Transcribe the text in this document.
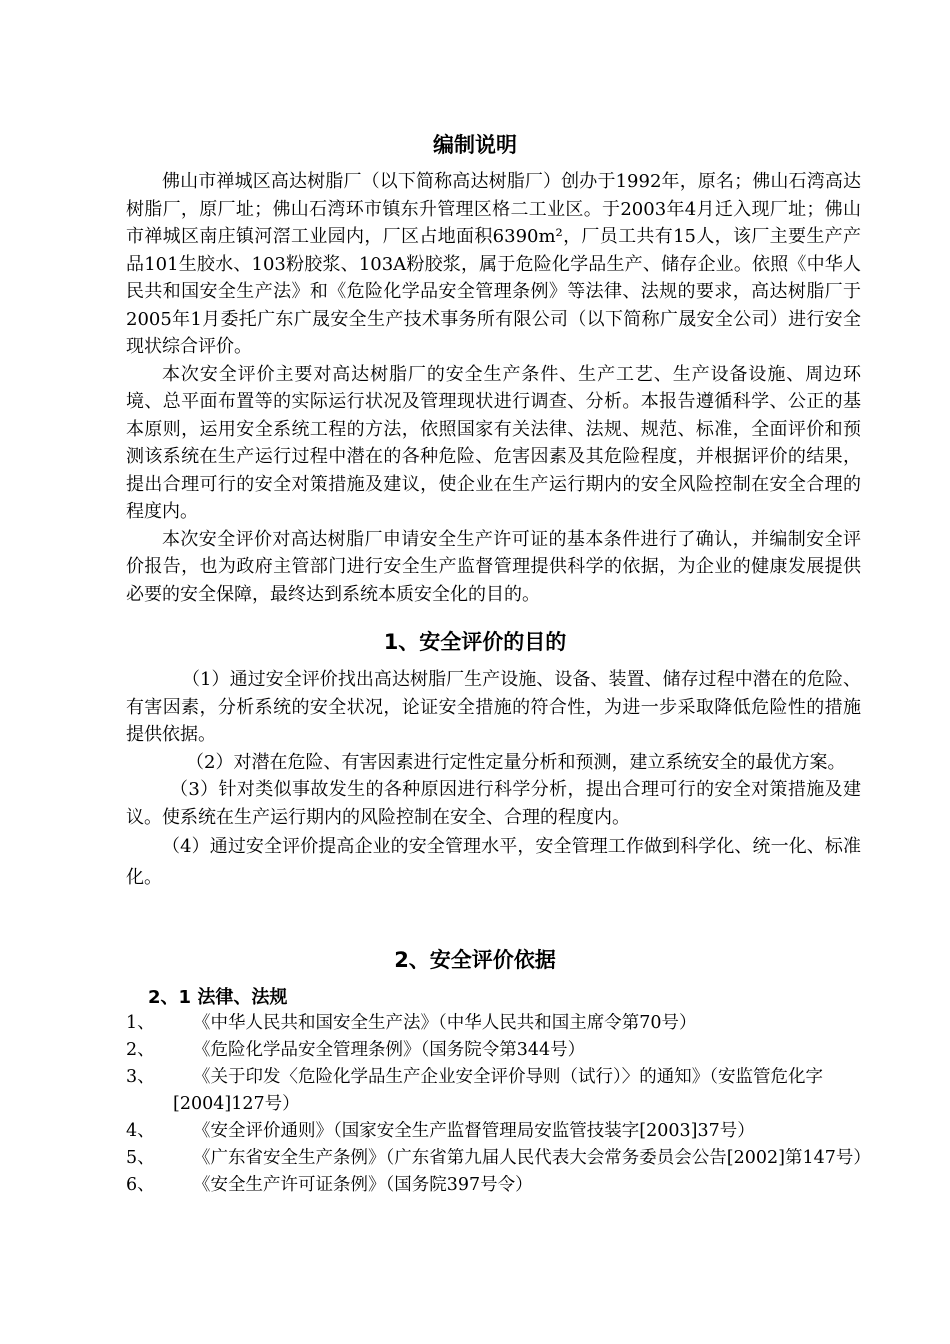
编制说明

佛山市禅城区高达树脂厂（以下简称高达树脂厂）创办于1992年，原名；佛山石湾高达树脂厂，原厂址；佛山石湾环市镇东升管理区格二工业区。于2003年4月迁入现厂址；佛山市禅城区南庄镇河滘工业园内，厂区占地面积6390m²，厂员工共有15人，该厂主要生产产品101生胶水、103粉胶浆、103A粉胶浆，属于危险化学品生产、储存企业。依照《中华人民共和国安全生产法》和《危险化学品安全管理条例》等法律、法规的要求，高达树脂厂于2005年1月委托广东广晟安全生产技术事务所有限公司（以下简称广晟安全公司）进行安全现状综合评价。

本次安全评价主要对高达树脂厂的安全生产条件、生产工艺、生产设备设施、周边环境、总平面布置等的实际运行状况及管理现状进行调查、分析。本报告遵循科学、公正的基本原则，运用安全系统工程的方法，依照国家有关法律、法规、规范、标准，全面评价和预测该系统在生产运行过程中潜在的各种危险、危害因素及其危险程度，并根据评价的结果，提出合理可行的安全对策措施及建议，使企业在生产运行期内的安全风险控制在安全合理的程度内。

本次安全评价对高达树脂厂申请安全生产许可证的基本条件进行了确认，并编制安全评价报告，也为政府主管部门进行安全生产监督管理提供科学的依据，为企业的健康发展提供必要的安全保障，最终达到系统本质安全化的目的。

1、安全评价的目的

（1）通过安全评价找出高达树脂厂生产设施、设备、装置、储存过程中潜在的危险、有害因素，分析系统的安全状况，论证安全措施的符合性，为进一步采取降低危险性的措施提供依据。

（2）对潜在危险、有害因素进行定性定量分析和预测，建立系统安全的最优方案。

（3）针对类似事故发生的各种原因进行科学分析，提出合理可行的安全对策措施及建议。使系统在生产运行期内的风险控制在安全、合理的程度内。

（4）通过安全评价提高企业的安全管理水平，安全管理工作做到科学化、统一化、标准化。

2、安全评价依据
2、1 法律、法规
1、 《中华人民共和国安全生产法》（中华人民共和国主席令第70号）
2、 《危险化学品安全管理条例》（国务院令第344号）
3、 《关于印发〈危险化学品生产企业安全评价导则（试行）〉的通知》（安监管危化字[2004]127号）
4、 《安全评价通则》（国家安全生产监督管理局安监管技装字[2003]37号）
5、 《广东省安全生产条例》（广东省第九届人民代表大会常务委员会公告[2002]第147号）
6、 《安全生产许可证条例》（国务院397号令）
